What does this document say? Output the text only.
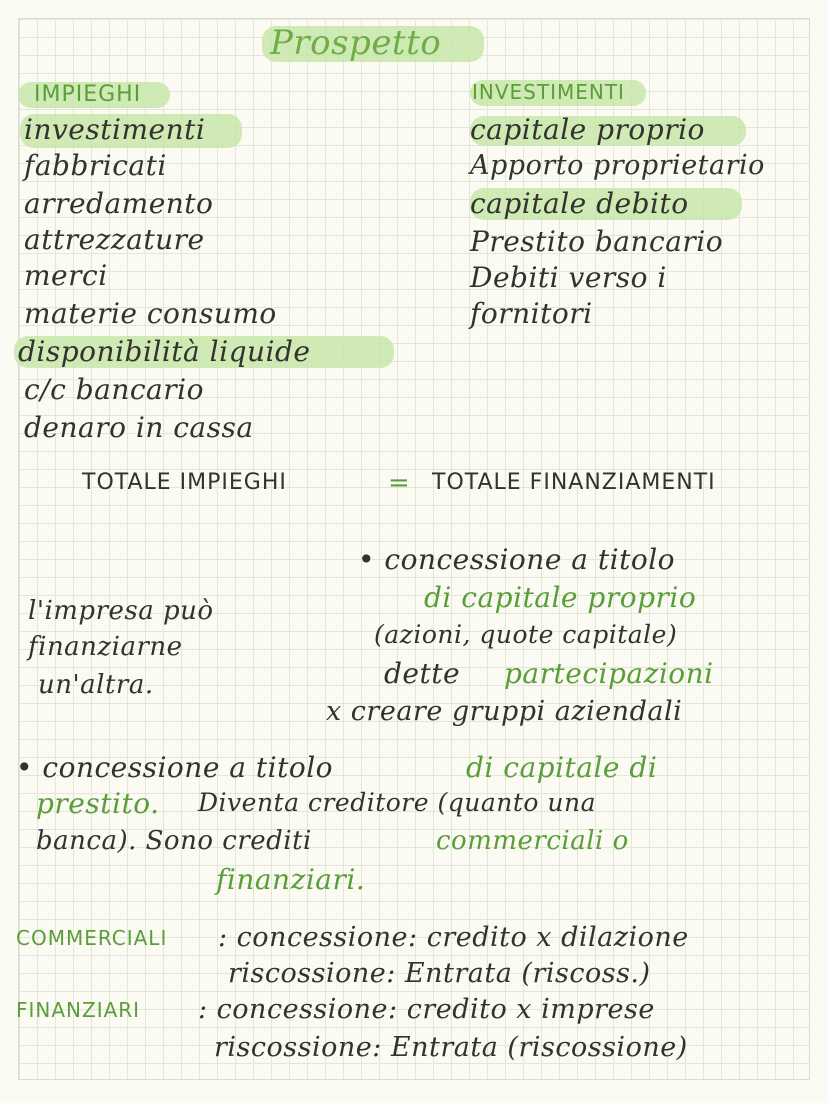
Prospetto
IMPIEGHI
investimenti
fabbricati
arredamento
attrezzature
merci
materie consumo
disponibilità liquide
c/c bancario
denaro in cassa
INVESTIMENTI
capitale proprio
Apporto proprietario
capitale debito
Prestito bancario
Debiti verso i
fornitori
TOTALE IMPIEGHI	= TOTALE FINANZIAMENTI
l'impresa può
finanziarne
un'altra.
• concessione a titolo
di capitale proprio
(azioni, quote capitale)
dette partecipazioni
x creare gruppi aziendali
• concessione a titolo	di capitale di
prestito. Diventa creditore (quanto una
banca). Sono crediti	commerciali o
finanziari.
COMMERCIALI : concessione: credito x dilazione
riscossione: Entrata (riscoss.)
FINANZIARI : concessione: credito x imprese
riscossione: Entrata (riscossione)
